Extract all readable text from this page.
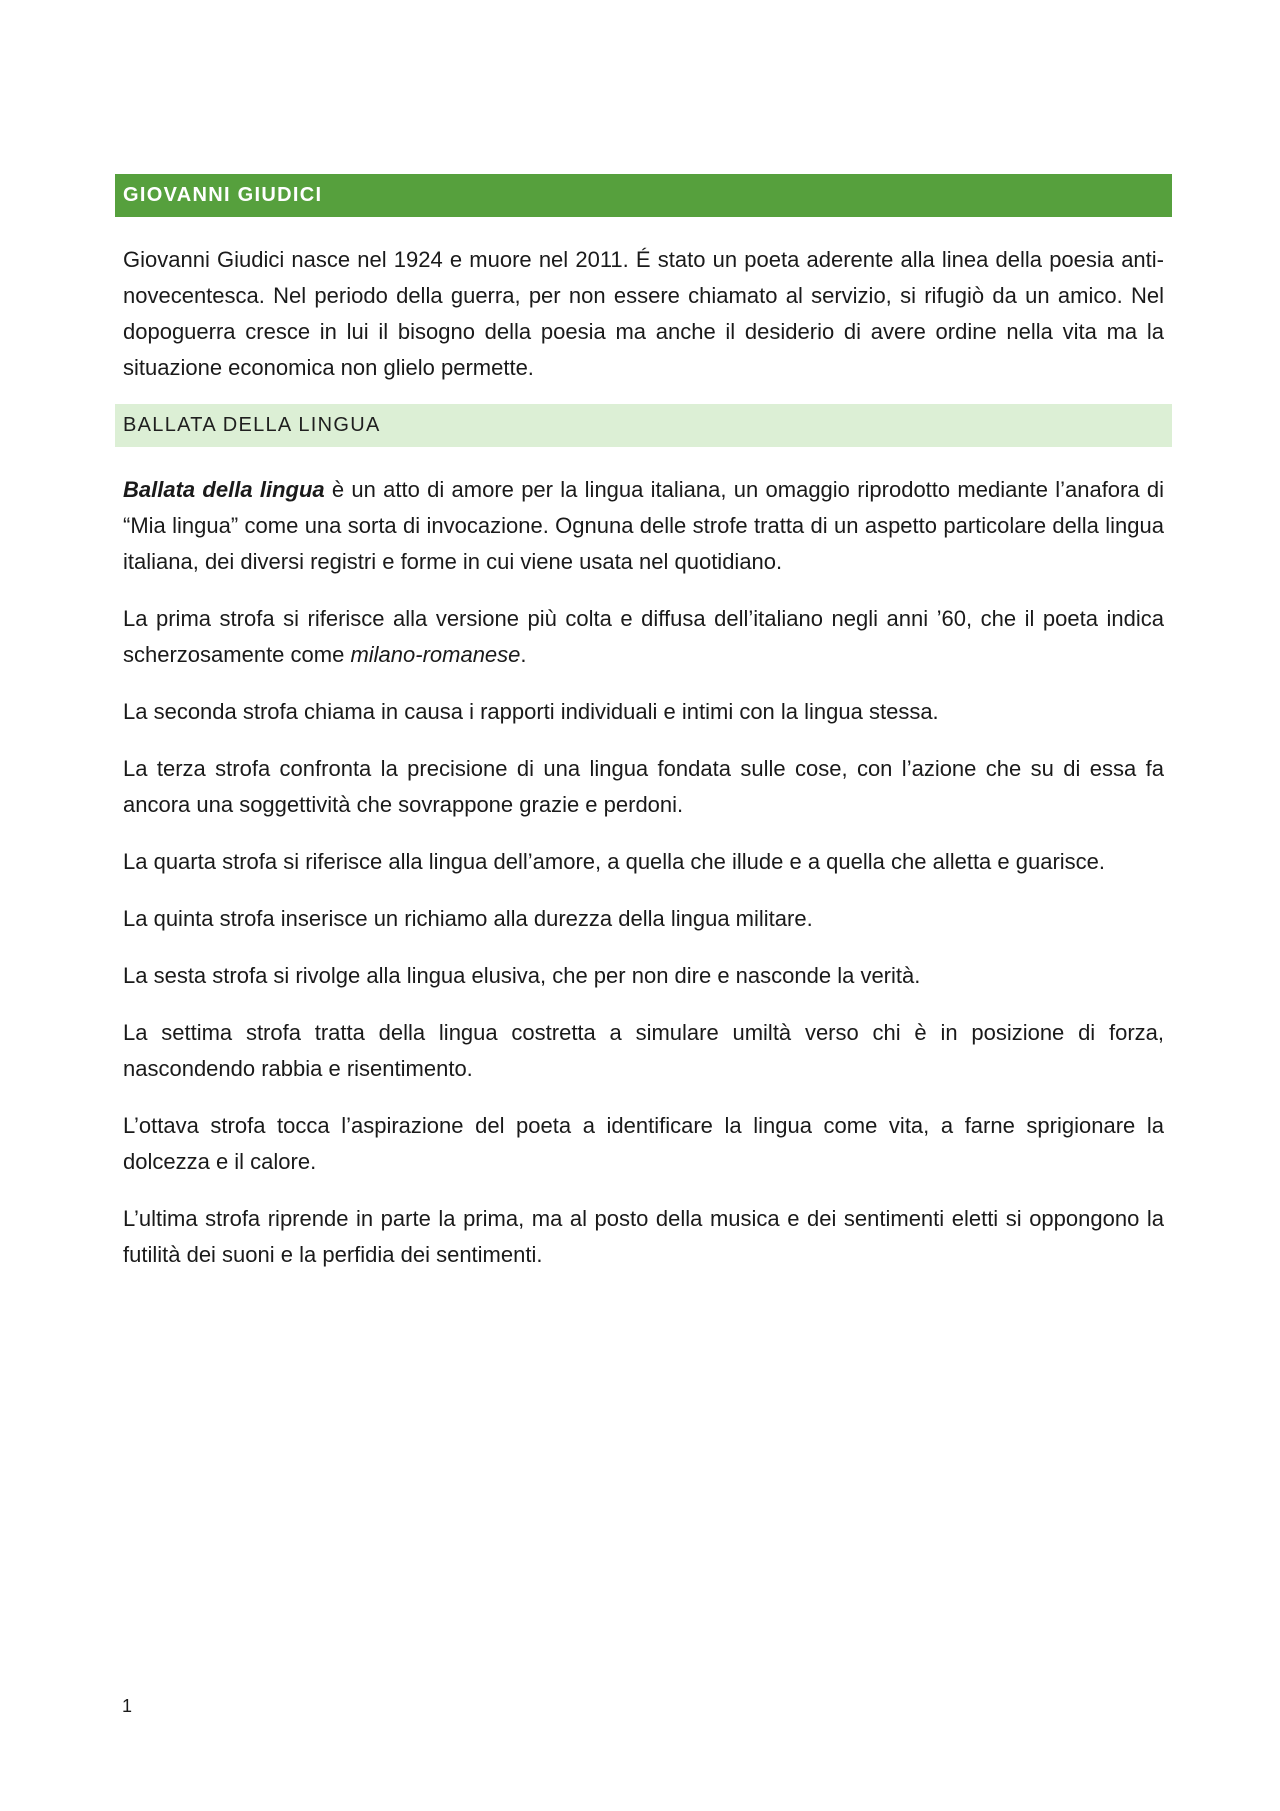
GIOVANNI GIUDICI

Giovanni Giudici nasce nel 1924 e muore nel 2011. É stato un poeta aderente alla linea della poesia anti-novecentesca. Nel periodo della guerra, per non essere chiamato al servizio, si rifugiò da un amico. Nel dopoguerra cresce in lui il bisogno della poesia ma anche il desiderio di avere ordine nella vita ma la situazione economica non glielo permette.

BALLATA DELLA LINGUA

Ballata della lingua è un atto di amore per la lingua italiana, un omaggio riprodotto mediante l’anafora di “Mia lingua” come una sorta di invocazione. Ognuna delle strofe tratta di un aspetto particolare della lingua italiana, dei diversi registri e forme in cui viene usata nel quotidiano.

La prima strofa si riferisce alla versione più colta e diffusa dell’italiano negli anni ’60, che il poeta indica scherzosamente come milano-romanese.

La seconda strofa chiama in causa i rapporti individuali e intimi con la lingua stessa.

La terza strofa confronta la precisione di una lingua fondata sulle cose, con l’azione che su di essa fa ancora una soggettività che sovrappone grazie e perdoni.

La quarta strofa si riferisce alla lingua dell’amore, a quella che illude e a quella che alletta e guarisce.

La quinta strofa inserisce un richiamo alla durezza della lingua militare.

La sesta strofa si rivolge alla lingua elusiva, che per non dire e nasconde la verità.

La settima strofa tratta della lingua costretta a simulare umiltà verso chi è in posizione di forza, nascondendo rabbia e risentimento.

L’ottava strofa tocca l’aspirazione del poeta a identificare la lingua come vita, a farne sprigionare la dolcezza e il calore.

L’ultima strofa riprende in parte la prima, ma al posto della musica e dei sentimenti eletti si oppongono la futilità dei suoni e la perfidia dei sentimenti.

1
